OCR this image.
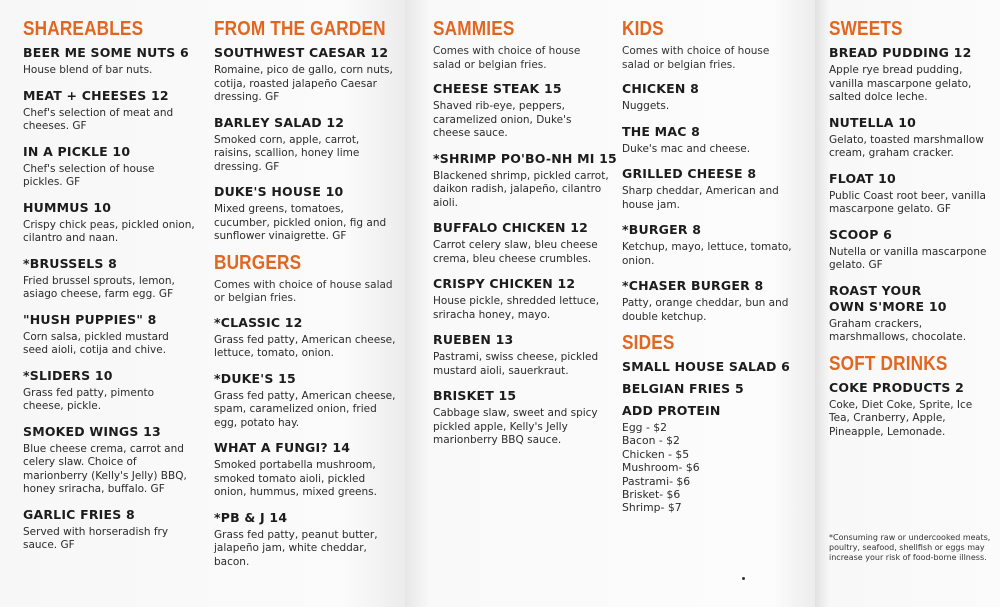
SHAREABLES
BEER ME SOME NUTS 6
House blend of bar nuts.
MEAT + CHEESES 12
Chef's selection of meat and cheeses. GF
IN A PICKLE 10
Chef's selection of house pickles. GF
HUMMUS 10
Crispy chick peas, pickled onion, cilantro and naan.
*BRUSSELS 8
Fried brussel sprouts, lemon, asiago cheese, farm egg. GF
"HUSH PUPPIES" 8
Corn salsa, pickled mustard seed aioli, cotija and chive.
*SLIDERS 10
Grass fed patty, pimento cheese, pickle.
SMOKED WINGS 13
Blue cheese crema, carrot and celery slaw. Choice of marionberry (Kelly's Jelly) BBQ, honey sriracha, buffalo. GF
GARLIC FRIES 8
Served with horseradish fry sauce. GF
FROM THE GARDEN
SOUTHWEST CAESAR 12
Romaine, pico de gallo, corn nuts, cotija, roasted jalapeño Caesar dressing. GF
BARLEY SALAD 12
Smoked corn, apple, carrot, raisins, scallion, honey lime dressing. GF
DUKE'S HOUSE 10
Mixed greens, tomatoes, cucumber, pickled onion, fig and sunflower vinaigrette. GF
BURGERS
Comes with choice of house salad or belgian fries.
*CLASSIC 12
Grass fed patty, American cheese, lettuce, tomato, onion.
*DUKE'S 15
Grass fed patty, American cheese, spam, caramelized onion, fried egg, potato hay.
WHAT A FUNGI? 14
Smoked portabella mushroom, smoked tomato aioli, pickled onion, hummus, mixed greens.
*PB & J 14
Grass fed patty, peanut butter, jalapeño jam, white cheddar, bacon.
SAMMIES
Comes with choice of house salad or belgian fries.
CHEESE STEAK 15
Shaved rib-eye, peppers, caramelized onion, Duke's cheese sauce.
*SHRIMP PO'BO-NH MI 15
Blackened shrimp, pickled carrot, daikon radish, jalapeño, cilantro aioli.
BUFFALO CHICKEN 12
Carrot celery slaw, bleu cheese crema, bleu cheese crumbles.
CRISPY CHICKEN 12
House pickle, shredded lettuce, sriracha honey, mayo.
RUEBEN 13
Pastrami, swiss cheese, pickled mustard aioli, sauerkraut.
BRISKET 15
Cabbage slaw, sweet and spicy pickled apple, Kelly's Jelly marionberry BBQ sauce.
KIDS
Comes with choice of house salad or belgian fries.
CHICKEN 8
Nuggets.
THE MAC 8
Duke's mac and cheese.
GRILLED CHEESE 8
Sharp cheddar, American and house jam.
*BURGER 8
Ketchup, mayo, lettuce, tomato, onion.
*CHASER BURGER 8
Patty, orange cheddar, bun and double ketchup.
SIDES
SMALL HOUSE SALAD 6
BELGIAN FRIES 5
ADD PROTEIN
Egg - $2
Bacon - $2
Chicken - $5
Mushroom- $6
Pastrami- $6
Brisket- $6
Shrimp- $7
SWEETS
BREAD PUDDING 12
Apple rye bread pudding, vanilla mascarpone gelato, salted dolce leche.
NUTELLA 10
Gelato, toasted marshmallow cream, graham cracker.
FLOAT 10
Public Coast root beer, vanilla mascarpone gelato. GF
SCOOP 6
Nutella or vanilla mascarpone gelato. GF
ROAST YOUR OWN S'MORE 10
Graham crackers, marshmallows, chocolate.
SOFT DRINKS
COKE PRODUCTS 2
Coke, Diet Coke, Sprite, Ice Tea, Cranberry, Apple, Pineapple, Lemonade.
*Consuming raw or undercooked meats, poultry, seafood, shellfish or eggs may increase your risk of food-borne illness.
